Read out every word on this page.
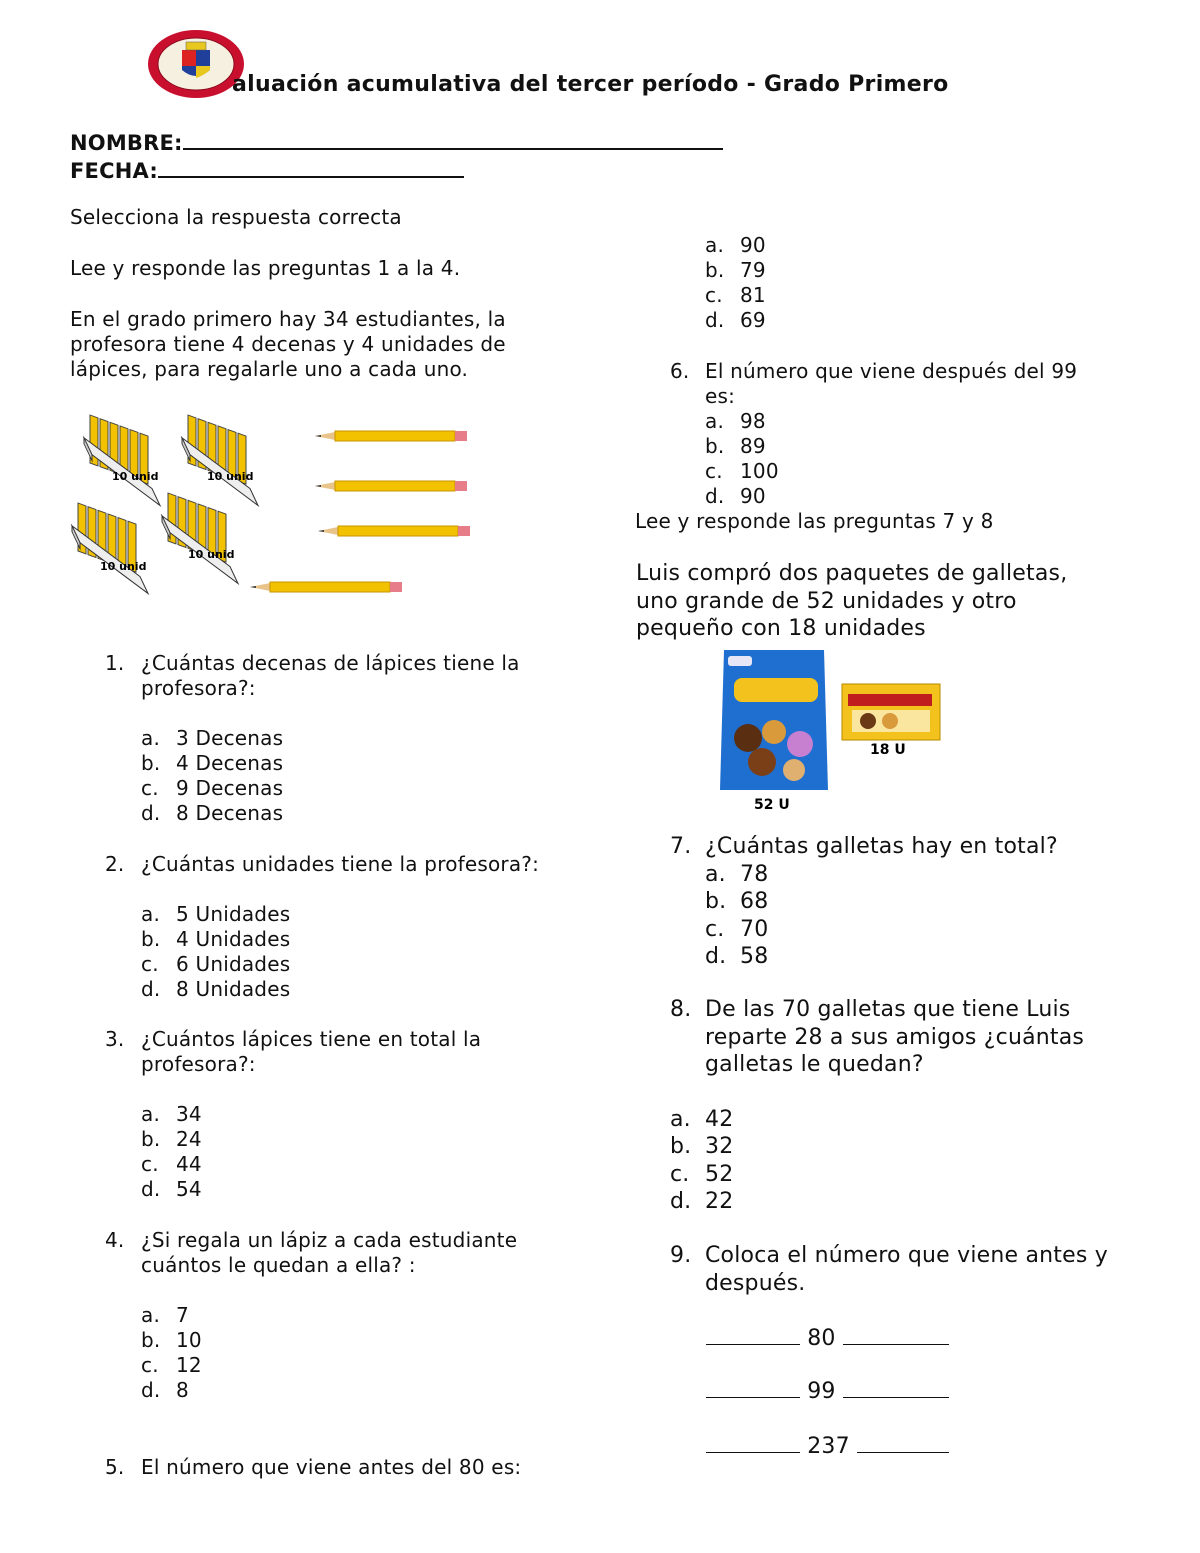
aluación acumulativa del tercer período - Grado Primero
NOMBRE:
FECHA:
Selecciona la respuesta correcta
Lee y responde las preguntas 1 a la 4.
En el grado primero hay 34 estudiantes, la
profesora tiene 4 decenas y 4 unidades de
lápices, para regalarle uno a cada uno.
10 unid	10 unid
10 unid
10 unid
1. ¿Cuántas decenas de lápices tiene la
profesora?:
a. 3 Decenas
b. 4 Decenas
c. 9 Decenas
d. 8 Decenas
2. ¿Cuántas unidades tiene la profesora?:
a. 5 Unidades
b. 4 Unidades
c. 6 Unidades
d. 8 Unidades
3. ¿Cuántos lápices tiene en total la
profesora?:
a. 34
b. 24
c. 44
d. 54
4. ¿Si regala un lápiz a cada estudiante
cuántos le quedan a ella? :
a. 7
b. 10
c. 12
d. 8
5. El número que viene antes del 80 es:
a. 90
b. 79
c. 81
d. 69
6. El número que viene después del 99
es:
a. 98
b. 89
c. 100
d. 90
Lee y responde las preguntas 7 y 8
Luis compró dos paquetes de galletas,
uno grande de 52 unidades y otro
pequeño con 18 unidades
52 U
18 U
7. ¿Cuántas galletas hay en total?
a. 78
b. 68
c. 70
d. 58
8. De las 70 galletas que tiene Luis
reparte 28 a sus amigos ¿cuántas
galletas le quedan?
a. 42
b. 32
c. 52
d. 22
9. Coloca el número que viene antes y
después.
80
99
237
